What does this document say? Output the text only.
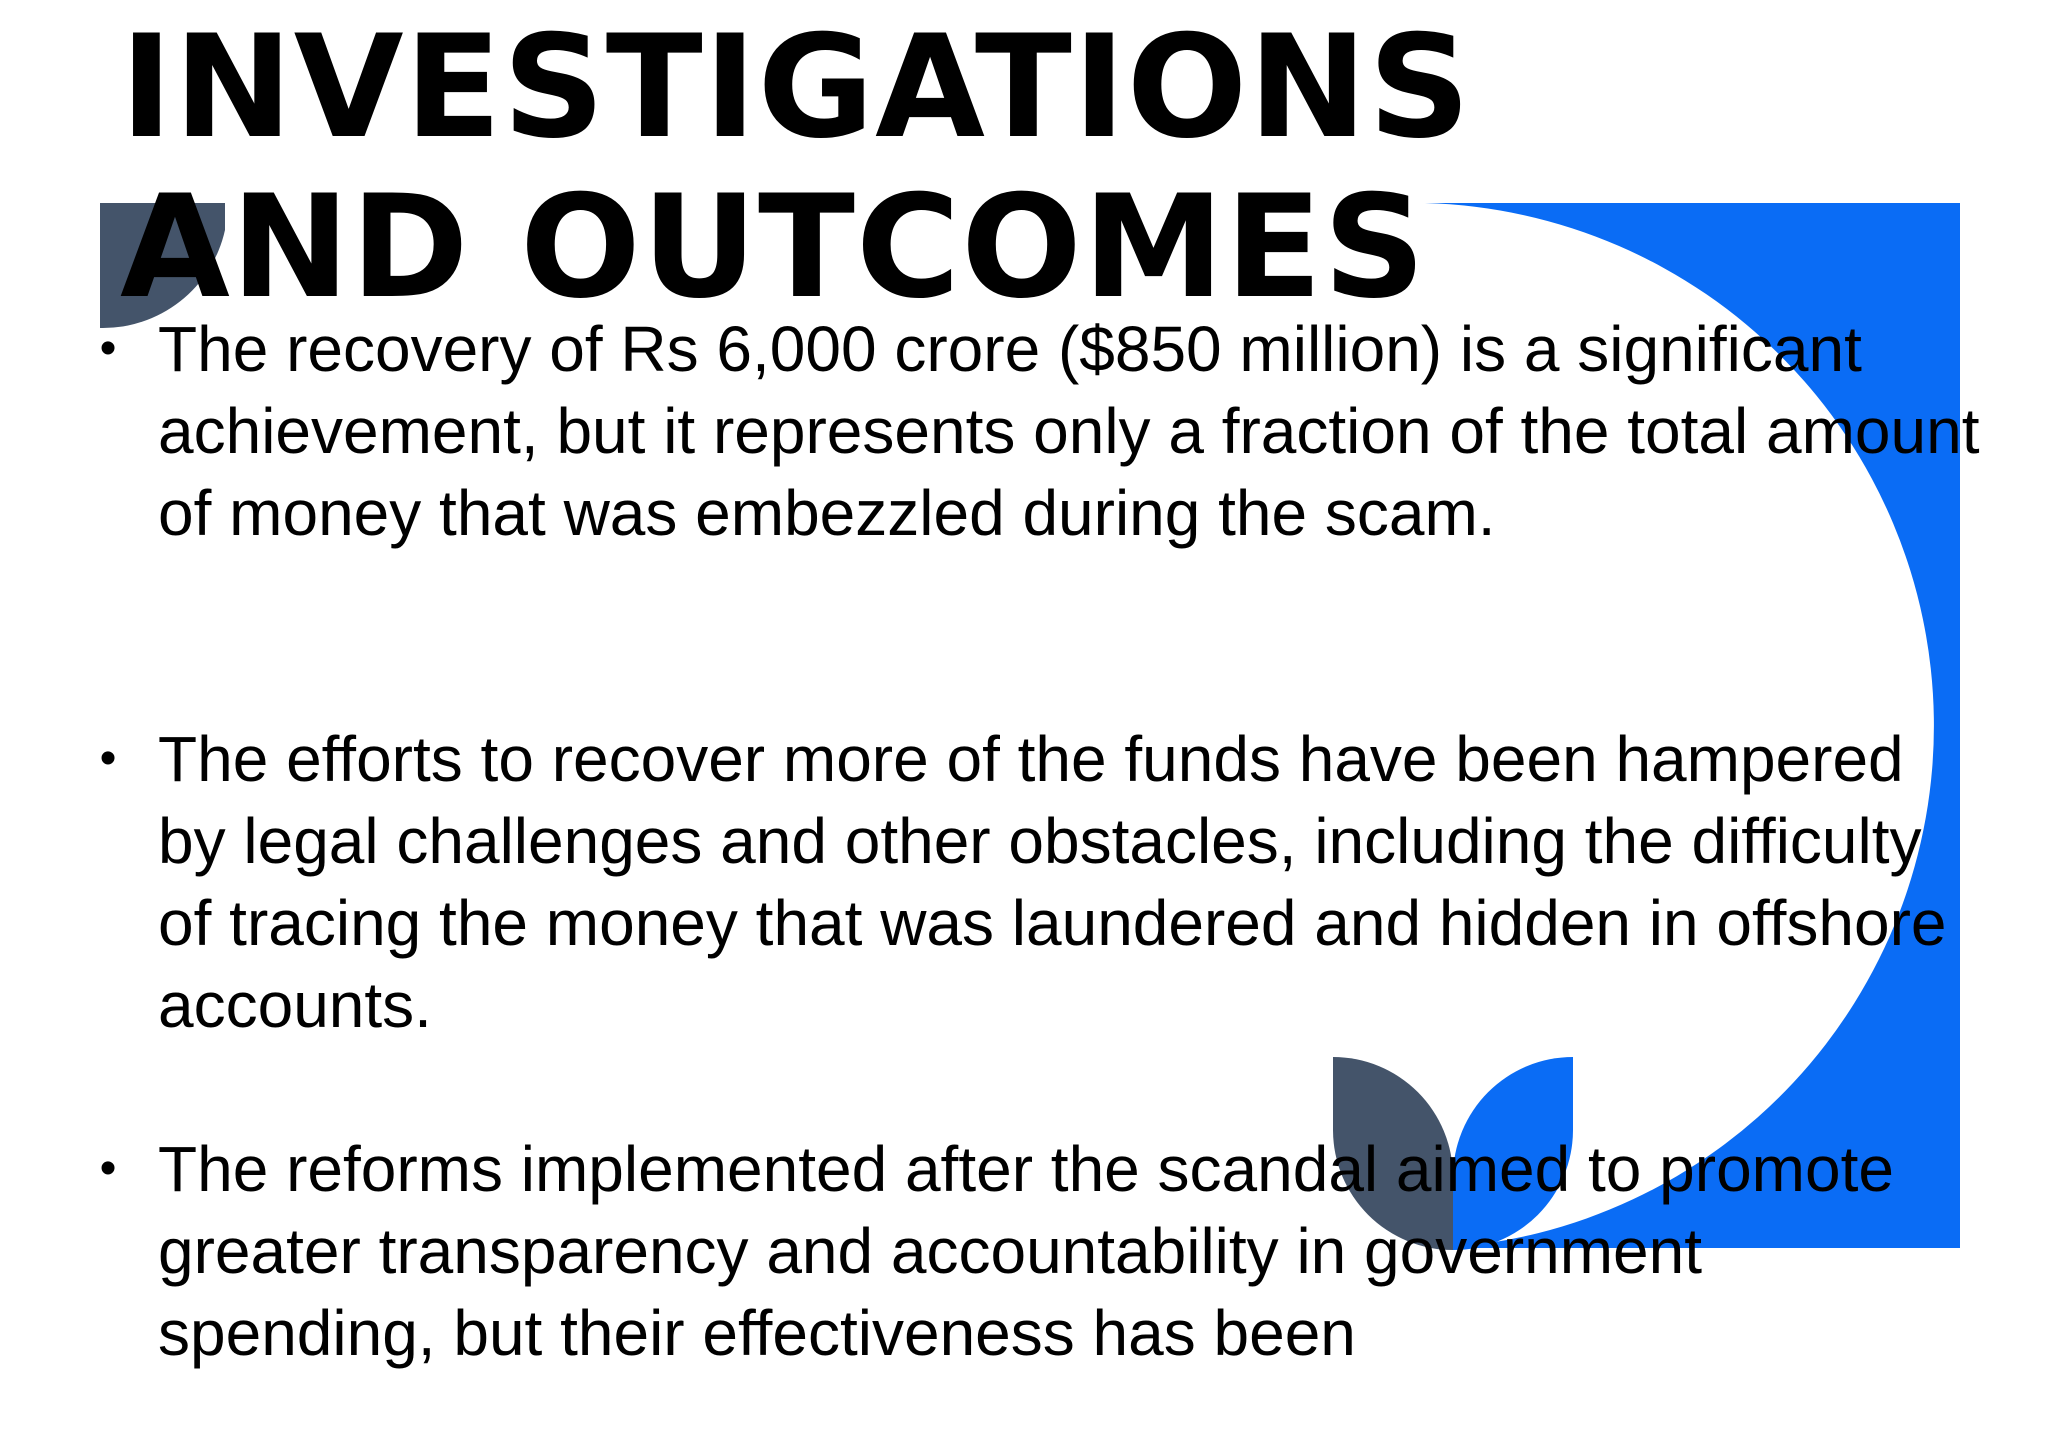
INVESTIGATIONS AND OUTCOMES
• The recovery of Rs 6,000 crore ($850 million) is a significant achievement, but it represents only a fraction of the total amount of money that was embezzled during the scam.
• The efforts to recover more of the funds have been hampered by legal challenges and other obstacles, including the difficulty of tracing the money that was laundered and hidden in offshore accounts.
• The reforms implemented after the scandal aimed to promote greater transparency and accountability in government spending, but their effectiveness has been
